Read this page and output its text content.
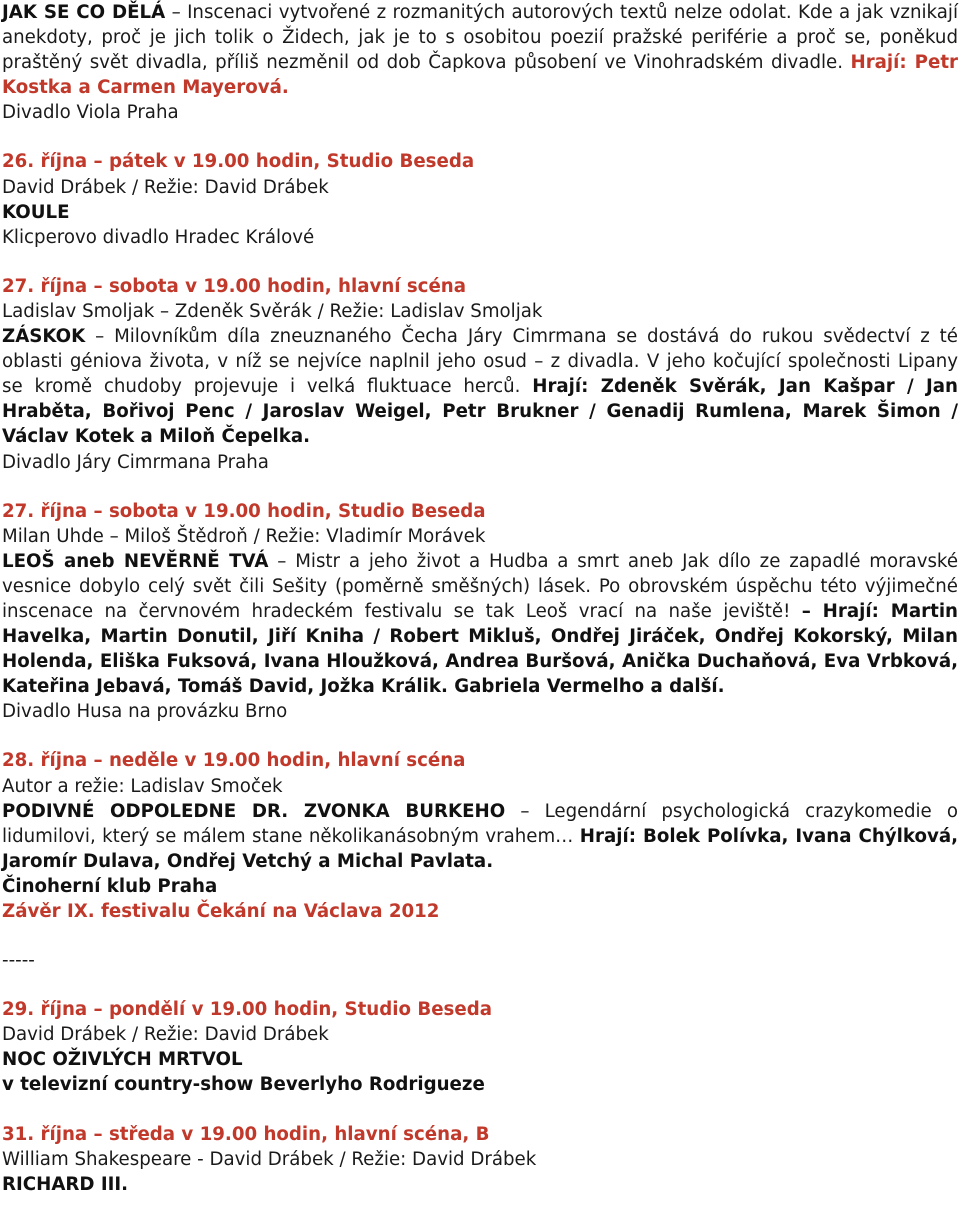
JAK SE CO DĚLÁ – Inscenaci vytvořené z rozmanitých autorových textů nelze odolat. Kde a jak vznikají anekdoty, proč je jich tolik o Židech, jak je to s osobitou poezií pražské periférie a proč se, poněkud praštěný svět divadla, příliš nezměnil od dob Čapkova působení ve Vinohradském divadle. Hrají: Petr Kostka a Carmen Mayerová.

Divadlo Viola Praha
26. října – pátek v 19.00 hodin, Studio Beseda
David Drábek / Režie: David Drábek
KOULE
Klicperovo divadlo Hradec Králové
27. října – sobota v 19.00 hodin, hlavní scéna
Ladislav Smoljak – Zdeněk Svěrák / Režie: Ladislav Smoljak

ZÁSKOK – Milovníkům díla zneuznaného Čecha Járy Cimrmana se dostává do rukou svědectví z té oblasti géniova života, v níž se nejvíce naplnil jeho osud – z divadla. V jeho kočující společnosti Lipany se kromě chudoby projevuje i velká fluktuace herců. Hrají: Zdeněk Svěrák, Jan Kašpar / Jan Hraběta, Bořivoj Penc / Jaroslav Weigel, Petr Brukner / Genadij Rumlena, Marek Šimon / Václav Kotek a Miloň Čepelka.

Divadlo Járy Cimrmana Praha
27. října – sobota v 19.00 hodin, Studio Beseda
Milan Uhde – Miloš Štědroň / Režie: Vladimír Morávek

LEOŠ aneb NEVĚRNĚ TVÁ – Mistr a jeho život a Hudba a smrt aneb Jak dílo ze zapadlé moravské vesnice dobylo celý svět čili Sešity (poměrně směšných) lásek. Po obrovském úspěchu této výjimečné inscenace na červnovém hradeckém festivalu se tak Leoš vrací na naše jeviště! – Hrají: Martin Havelka, Martin Donutil, Jiří Kniha / Robert Mikluš, Ondřej Jiráček, Ondřej Kokorský, Milan Holenda, Eliška Fuksová, Ivana Hloužková, Andrea Buršová, Anička Duchaňová, Eva Vrbková, Kateřina Jebavá, Tomáš David, Jožka Králik. Gabriela Vermelho a další.

Divadlo Husa na provázku Brno
28. října – neděle v 19.00 hodin, hlavní scéna
Autor a režie: Ladislav Smoček

PODIVNÉ ODPOLEDNE DR. ZVONKA BURKEHO – Legendární psychologická crazykomedie o lidumilovi, který se málem stane několikanásobným vrahem… Hrají: Bolek Polívka, Ivana Chýlková, Jaromír Dulava, Ondřej Vetchý a Michal Pavlata.

Činoherní klub Praha
Závěr IX. festivalu Čekání na Václava 2012
-----
29. října – pondělí v 19.00 hodin, Studio Beseda
David Drábek / Režie: David Drábek
NOC OŽIVLÝCH MRTVOL
v televizní country-show Beverlyho Rodrigueze
31. října – středa v 19.00 hodin, hlavní scéna, B
William Shakespeare - David Drábek / Režie: David Drábek
RICHARD III.
